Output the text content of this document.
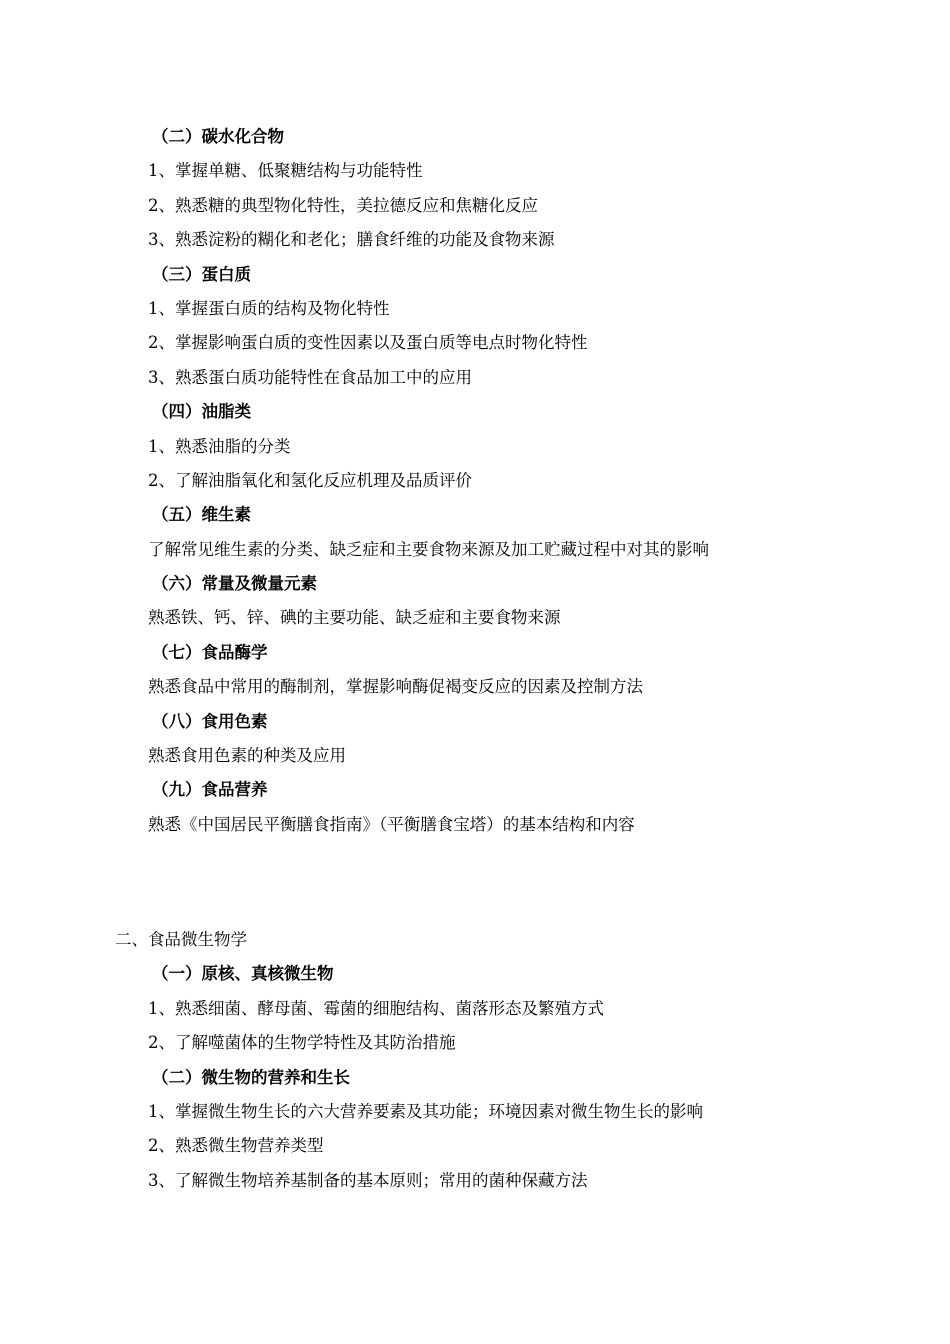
（二）碳水化合物
1、掌握单糖、低聚糖结构与功能特性
2、熟悉糖的典型物化特性，美拉德反应和焦糖化反应
3、熟悉淀粉的糊化和老化；膳食纤维的功能及食物来源
（三）蛋白质
1、掌握蛋白质的结构及物化特性
2、掌握影响蛋白质的变性因素以及蛋白质等电点时物化特性
3、熟悉蛋白质功能特性在食品加工中的应用
（四）油脂类
1、熟悉油脂的分类
2、了解油脂氧化和氢化反应机理及品质评价
（五）维生素
了解常见维生素的分类、缺乏症和主要食物来源及加工贮藏过程中对其的影响
（六）常量及微量元素
熟悉铁、钙、锌、碘的主要功能、缺乏症和主要食物来源
（七）食品酶学
熟悉食品中常用的酶制剂，掌握影响酶促褐变反应的因素及控制方法
（八）食用色素
熟悉食用色素的种类及应用
（九）食品营养
熟悉《中国居民平衡膳食指南》（平衡膳食宝塔）的基本结构和内容
二、食品微生物学
（一）原核、真核微生物
1、熟悉细菌、酵母菌、霉菌的细胞结构、菌落形态及繁殖方式
2、了解噬菌体的生物学特性及其防治措施
（二）微生物的营养和生长
1、掌握微生物生长的六大营养要素及其功能；环境因素对微生物生长的影响
2、熟悉微生物营养类型
3、了解微生物培养基制备的基本原则；常用的菌种保藏方法
